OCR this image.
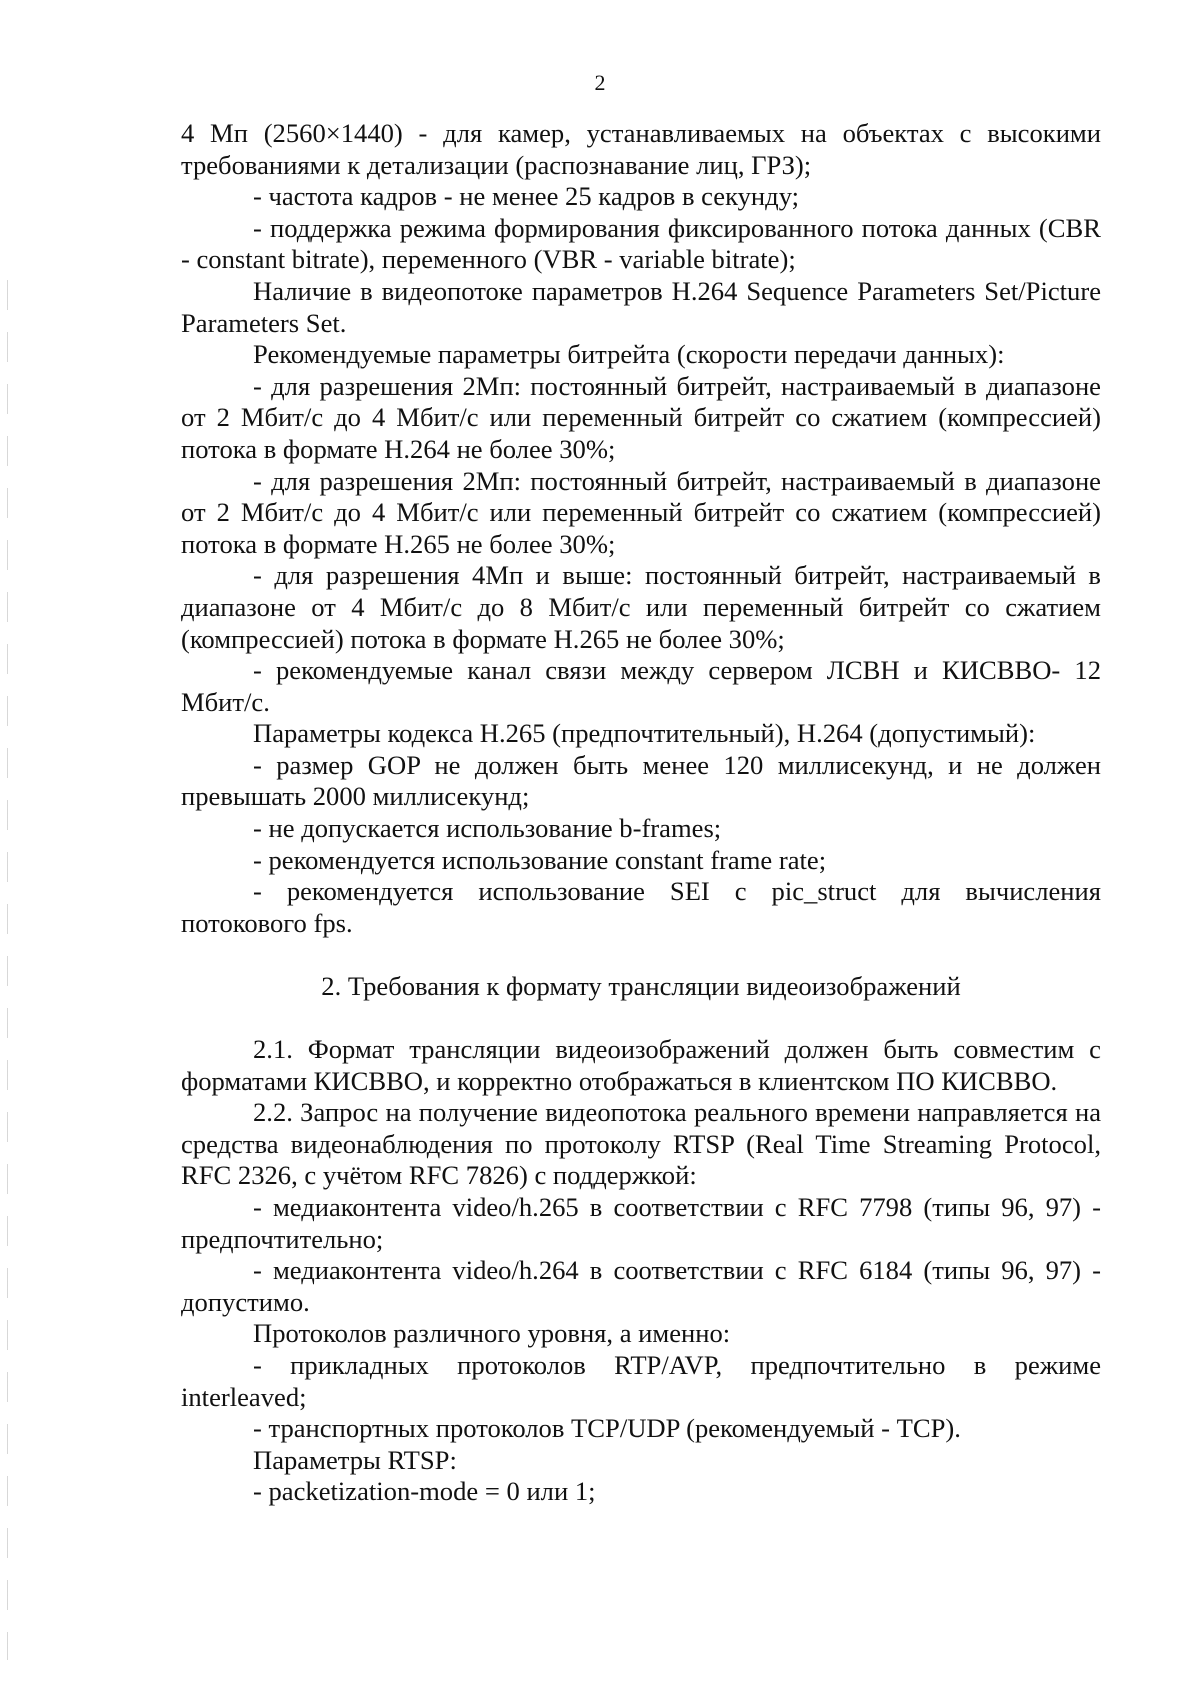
2

4 Мп (2560×1440) - для камер, устанавливаемых на объектах с высокими требованиями к детализации (распознавание лиц, ГРЗ);

- частота кадров - не менее 25 кадров в секунду;

- поддержка режима формирования фиксированного потока данных (CBR - constant bitrate), переменного (VBR - variable bitrate);

Наличие в видеопотоке параметров H.264 Sequence Parameters Set/Picture Parameters Set.

Рекомендуемые параметры битрейта (скорости передачи данных):

- для разрешения 2Мп: постоянный битрейт, настраиваемый в диапазоне от 2 Мбит/с до 4 Мбит/с или переменный битрейт со сжатием (компрессией) потока в формате H.264 не более 30%;

- для разрешения 2Мп: постоянный битрейт, настраиваемый в диапазоне от 2 Мбит/с до 4 Мбит/с или переменный битрейт со сжатием (компрессией) потока в формате H.265 не более 30%;

- для разрешения 4Мп и выше: постоянный битрейт, настраиваемый в диапазоне от 4 Мбит/с до 8 Мбит/с или переменный битрейт со сжатием (компрессией) потока в формате H.265 не более 30%;

- рекомендуемые канал связи между сервером ЛСВН и КИСВВО- 12 Мбит/с.

Параметры кодекса H.265 (предпочтительный), H.264 (допустимый):

- размер GOP не должен быть менее 120 миллисекунд, и не должен превышать 2000 миллисекунд;

- не допускается использование b-frames;

- рекомендуется использование constant frame rate;

- рекомендуется использование SEI с pic_struct для вычисления потокового fps.

2. Требования к формату трансляции видеоизображений

2.1. Формат трансляции видеоизображений должен быть совместим с форматами КИСВВО, и корректно отображаться в клиентском ПО КИСВВО.

2.2. Запрос на получение видеопотока реального времени направляется на средства видеонаблюдения по протоколу RTSP (Real Time Streaming Protocol, RFC 2326, с учётом RFC 7826) с поддержкой:

- медиаконтента video/h.265 в соответствии с RFC 7798 (типы 96, 97) - предпочтительно;

- медиаконтента video/h.264 в соответствии с RFC 6184 (типы 96, 97) - допустимо.

Протоколов различного уровня, а именно:

- прикладных протоколов RTP/AVP, предпочтительно в режиме interleaved;

- транспортных протоколов TCP/UDP (рекомендуемый - TCP).

Параметры RTSP:

- packetization-mode = 0 или 1;
